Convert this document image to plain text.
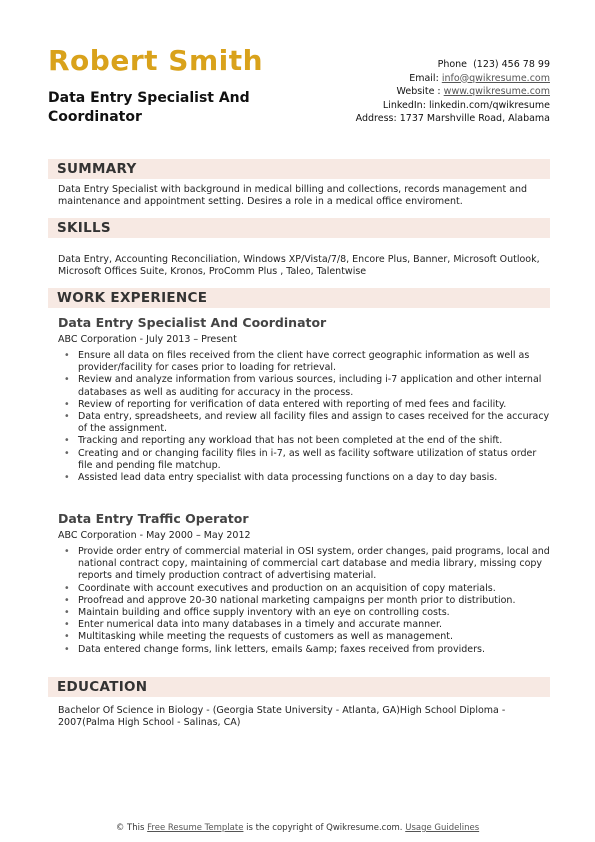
Robert Smith
Data Entry Specialist And Coordinator
Phone (123) 456 78 99
Email: info@qwikresume.com
Website : www.qwikresume.com
LinkedIn: linkedin.com/qwikresume
Address: 1737 Marshville Road, Alabama
SUMMARY
Data Entry Specialist with background in medical billing and collections, records management and maintenance and appointment setting. Desires a role in a medical office enviroment.
SKILLS
Data Entry, Accounting Reconciliation, Windows XP/Vista/7/8, Encore Plus, Banner, Microsoft Outlook, Microsoft Offices Suite, Kronos, ProComm Plus , Taleo, Talentwise
WORK EXPERIENCE
Data Entry Specialist And Coordinator
ABC Corporation - July 2013 – Present
• Ensure all data on files received from the client have correct geographic information as well as provider/facility for cases prior to loading for retrieval.
• Review and analyze information from various sources, including i-7 application and other internal databases as well as auditing for accuracy in the process.
• Review of reporting for verification of data entered with reporting of med fees and facility.
• Data entry, spreadsheets, and review all facility files and assign to cases received for the accuracy of the assignment.
• Tracking and reporting any workload that has not been completed at the end of the shift.
• Creating and or changing facility files in i-7, as well as facility software utilization of status order file and pending file matchup.
• Assisted lead data entry specialist with data processing functions on a day to day basis.
Data Entry Traffic Operator
ABC Corporation - May 2000 – May 2012
• Provide order entry of commercial material in OSI system, order changes, paid programs, local and national contract copy, maintaining of commercial cart database and media library, missing copy reports and timely production contract of advertising material.
• Coordinate with account executives and production on an acquisition of copy materials.
• Proofread and approve 20-30 national marketing campaigns per month prior to distribution.
• Maintain building and office supply inventory with an eye on controlling costs.
• Enter numerical data into many databases in a timely and accurate manner.
• Multitasking while meeting the requests of customers as well as management.
• Data entered change forms, link letters, emails &amp; faxes received from providers.
EDUCATION
Bachelor Of Science in Biology - (Georgia State University - Atlanta, GA)High School Diploma - 2007(Palma High School - Salinas, CA)
© This Free Resume Template is the copyright of Qwikresume.com. Usage Guidelines
